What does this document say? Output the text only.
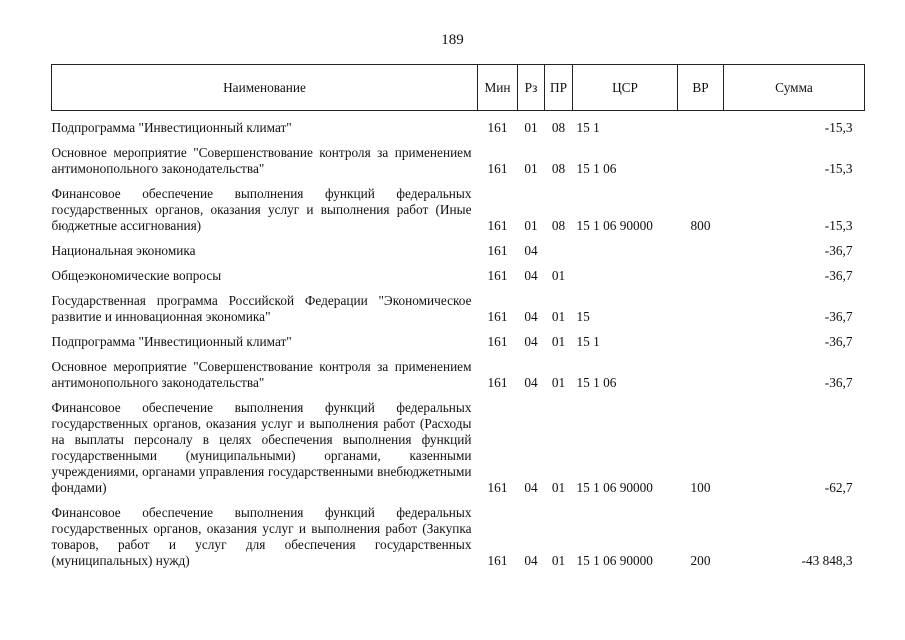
189
Наименование	Мин	Рз	ПР	ЦСР	ВР	Сумма

Подпрограмма "Инвестиционный климат"	161	01	08	15 1		-15,3
Основное мероприятие "Совершенствование контроля за применением антимонопольного законодательства"	161	01	08	15 1 06		-15,3
Финансовое обеспечение выполнения функций федеральных государственных органов, оказания услуг и выполнения работ (Иные бюджетные ассигнования)	161	01	08	15 1 06 90000	800	-15,3
Национальная экономика	161	04				-36,7
Общеэкономические вопросы	161	04	01			-36,7
Государственная программа Российской Федерации "Экономическое развитие и инновационная экономика"	161	04	01	15		-36,7
Подпрограмма "Инвестиционный климат"	161	04	01	15 1		-36,7
Основное мероприятие "Совершенствование контроля за применением антимонопольного законодательства"	161	04	01	15 1 06		-36,7
Финансовое обеспечение выполнения функций федеральных государственных органов, оказания услуг и выполнения работ (Расходы на выплаты персоналу в целях обеспечения выполнения функций государственными (муниципальными) органами, казенными учреждениями, органами управления государственными внебюджетными фондами)	161	04	01	15 1 06 90000	100	-62,7
Финансовое обеспечение выполнения функций федеральных государственных органов, оказания услуг и выполнения работ (Закупка товаров, работ и услуг для обеспечения государственных (муниципальных) нужд)	161	04	01	15 1 06 90000	200	-43 848,3
